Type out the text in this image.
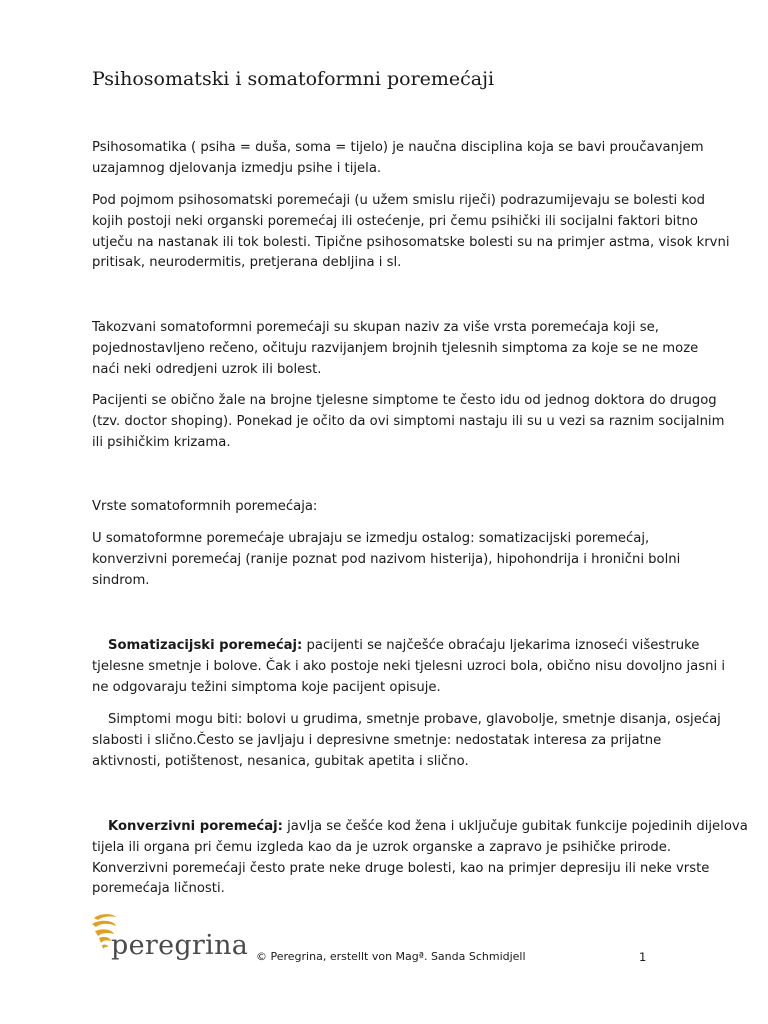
Psihosomatski i somatoformni poremećaji

Psihosomatika ( psiha = duša, soma = tijelo) je naučna disciplina koja se bavi proučavanjem
uzajamnog djelovanja izmedju psihe i tijela.

Pod pojmom psihosomatski poremećaji (u užem smislu riječi) podrazumijevaju se bolesti kod
kojih postoji neki organski poremećaj ili ostećenje, pri čemu psihički ili socijalni faktori bitno
utječu na nastanak ili tok bolesti. Tipične psihosomatske bolesti su na primjer astma, visok krvni
pritisak, neurodermitis, pretjerana debljina i sl.

Takozvani somatoformni poremećaji su skupan naziv za više vrsta poremećaja koji se,
pojednostavljeno rečeno, očituju razvijanjem brojnih tjelesnih simptoma za koje se ne moze
naći neki odredjeni uzrok ili bolest.

Pacijenti se obično žale na brojne tjelesne simptome te često idu od jednog doktora do drugog
(tzv. doctor shoping). Ponekad je očito da ovi simptomi nastaju ili su u vezi sa raznim socijalnim
ili psihičkim krizama.

Vrste somatoformnih poremećaja:

U somatoformne poremećaje ubrajaju se izmedju ostalog: somatizacijski poremećaj,
konverzivni poremećaj (ranije poznat pod nazivom histerija), hipohondrija i hronični bolni
sindrom.

Somatizacijski poremećaj: pacijenti se najčešće obraćaju ljekarima iznoseći višestruke
tjelesne smetnje i bolove. Čak i ako postoje neki tjelesni uzroci bola, obično nisu dovoljno jasni i
ne odgovaraju težini simptoma koje pacijent opisuje.

Simptomi mogu biti: bolovi u grudima, smetnje probave, glavobolje, smetnje disanja, osjećaj
slabosti i slično.Često se javljaju i depresivne smetnje: nedostatak interesa za prijatne
aktivnosti, potištenost, nesanica, gubitak apetita i slično.

Konverzivni poremećaj: javlja se češće kod žena i uključuje gubitak funkcije pojedinih dijelova
tijela ili organa pri čemu izgleda kao da je uzrok organske a zapravo je psihičke prirode.
Konverzivni poremećaji često prate neke druge bolesti, kao na primjer depresiju ili neke vrste
poremećaja ličnosti.

peregrina © Peregrina, erstellt von Magª. Sanda Schmidjell	1
